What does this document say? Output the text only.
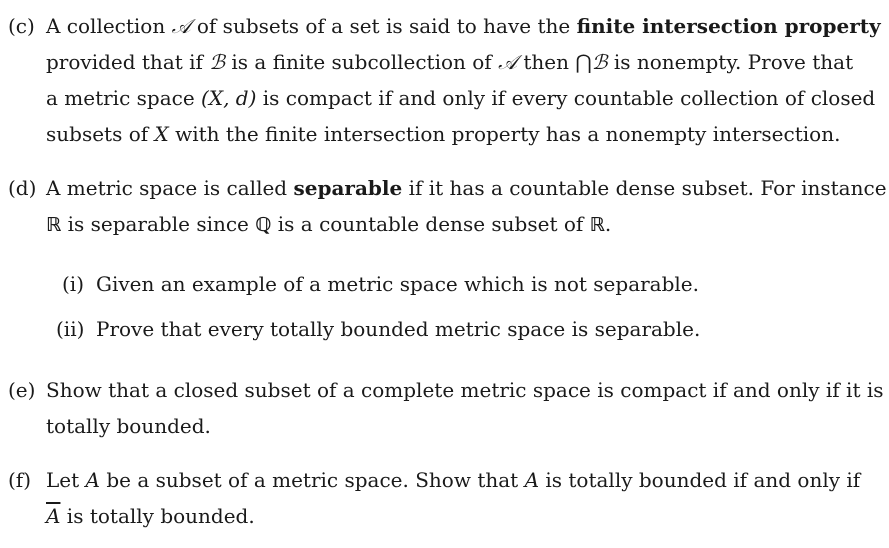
(c) A collection 𝒜 of subsets of a set is said to have the finite intersection property
provided that if ℬ is a finite subcollection of 𝒜 then ⋂ℬ is nonempty. Prove that
a metric space (X, d) is compact if and only if every countable collection of closed
subsets of X with the finite intersection property has a nonempty intersection.
(d) A metric space is called separable if it has a countable dense subset. For instance
ℝ is separable since ℚ is a countable dense subset of ℝ.
(i) Given an example of a metric space which is not separable.
(ii) Prove that every totally bounded metric space is separable.
(e) Show that a closed subset of a complete metric space is compact if and only if it is
totally bounded.
(f) Let A be a subset of a metric space. Show that A is totally bounded if and only if
$\overline{A}$ is totally bounded.
